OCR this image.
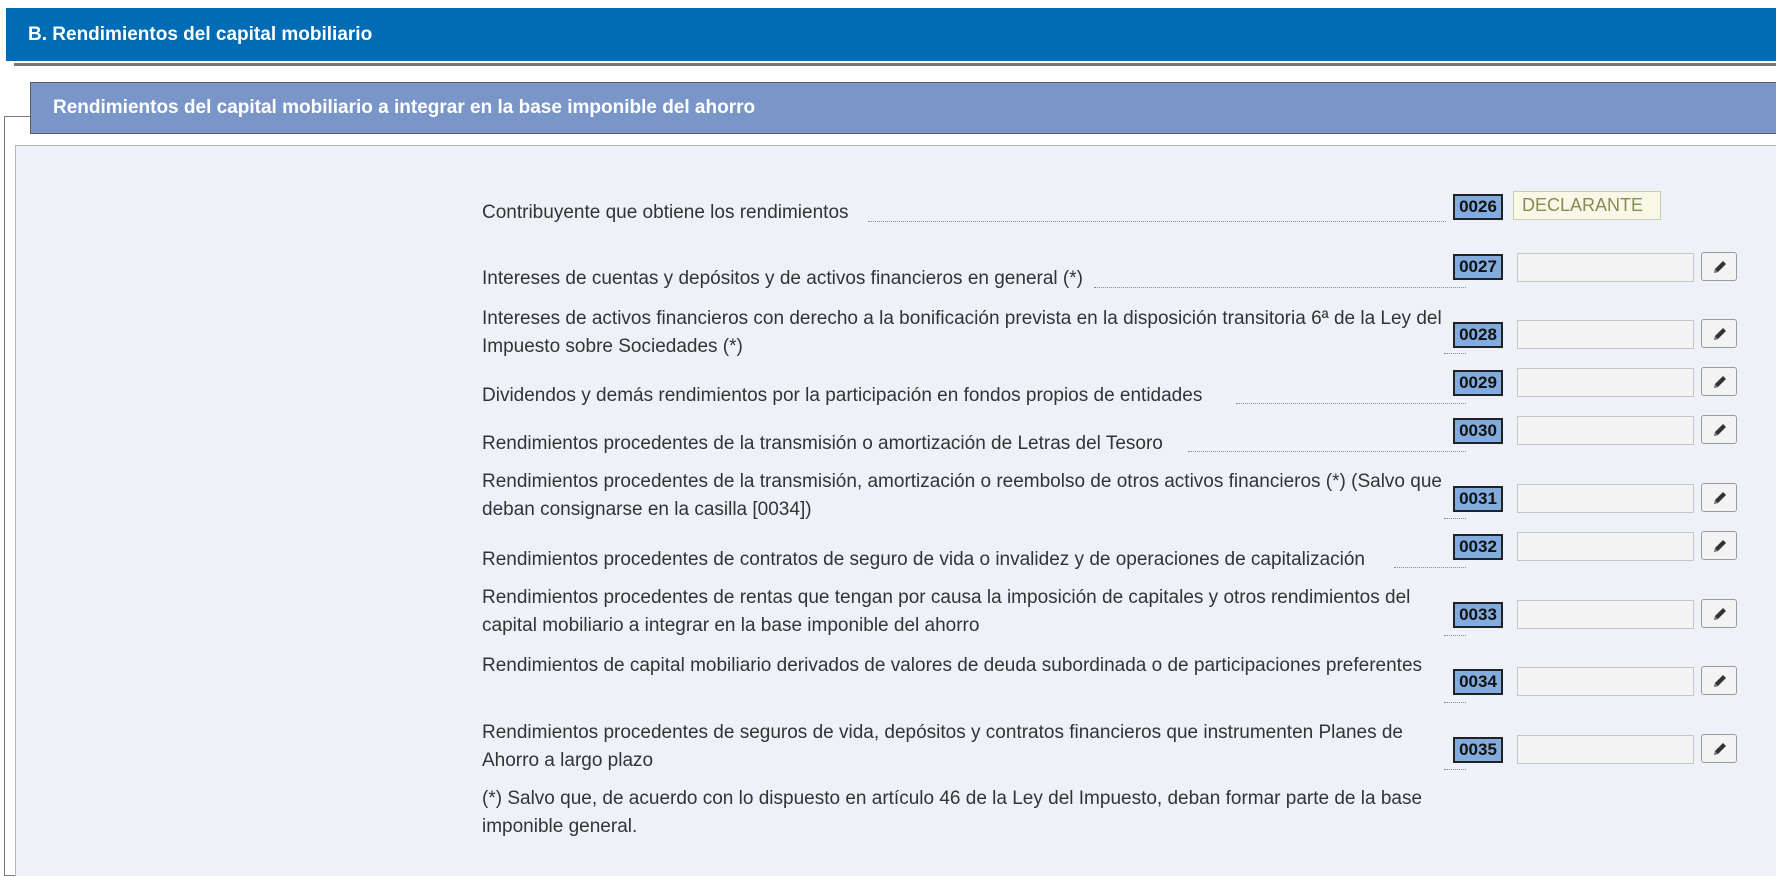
B. Rendimientos del capital mobiliario
Rendimientos del capital mobiliario a integrar en la base imponible del ahorro
Contribuyente que obtiene los rendimientos	0026	DECLARANTE
Intereses de cuentas y depósitos y de activos financieros en general (*)
0027
Intereses de activos financieros con derecho a la bonificación prevista en la disposición transitoria 6ª de la Ley del Impuesto sobre Sociedades (*)
0028
Dividendos y demás rendimientos por la participación en fondos propios de entidades
0029
Rendimientos procedentes de la transmisión o amortización de Letras del Tesoro
0030
Rendimientos procedentes de la transmisión, amortización o reembolso de otros activos financieros (*) (Salvo que deban consignarse en la casilla [0034])
0031
Rendimientos procedentes de contratos de seguro de vida o invalidez y de operaciones de capitalización
0032
Rendimientos procedentes de rentas que tengan por causa la imposición de capitales y otros rendimientos del capital mobiliario a integrar en la base imponible del ahorro
0033
Rendimientos de capital mobiliario derivados de valores de deuda subordinada o de participaciones preferentes
0034
Rendimientos procedentes de seguros de vida, depósitos y contratos financieros que instrumenten Planes de Ahorro a largo plazo
0035
(*) Salvo que, de acuerdo con lo dispuesto en artículo 46 de la Ley del Impuesto, deban formar parte de la base imponible general.
